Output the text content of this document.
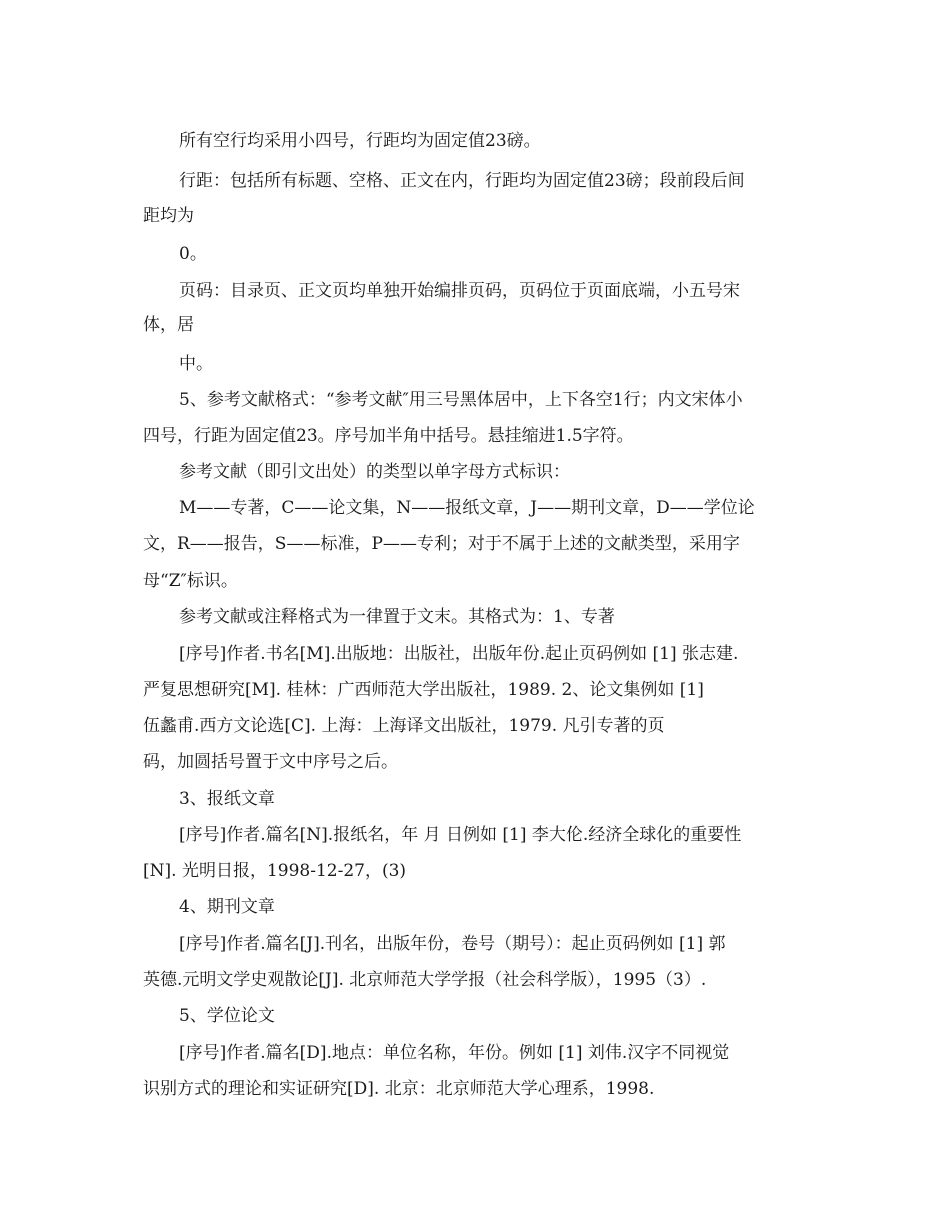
所有空行均采用小四号，行距均为固定值23磅。
行距：包括所有标题、空格、正文在内，行距均为固定值23磅；段前段后间
距均为
0。
页码：目录页、正文页均单独开始编排页码，页码位于页面底端，小五号宋
体，居
中。
5、参考文献格式：“参考文献″用三号黑体居中，上下各空1行；内文宋体小
四号，行距为固定值23。序号加半角中括号。悬挂缩进1.5字符。
参考文献（即引文出处）的类型以单字母方式标识：
M——专著，C——论文集，N——报纸文章，J——期刊文章，D——学位论
文，R——报告，S——标准，P——专利；对于不属于上述的文献类型，采用字
母“Z″标识。
参考文献或注释格式为一律置于文末。其格式为：1、专著
[序号]作者.书名[M].出版地：出版社，出版年份.起止页码例如 [1] 张志建.
严复思想研究[M]. 桂林：广西师范大学出版社，1989. 2、论文集例如 [1]
伍蠡甫.西方文论选[C]. 上海：上海译文出版社，1979. 凡引专著的页
码，加圆括号置于文中序号之后。
3、报纸文章
[序号]作者.篇名[N].报纸名，年 月 日例如 [1] 李大伦.经济全球化的重要性
[N]. 光明日报，1998-12-27，(3)
4、期刊文章
[序号]作者.篇名[J].刊名，出版年份，卷号（期号）：起止页码例如 [1] 郭
英德.元明文学史观散论[J]. 北京师范大学学报（社会科学版），1995（3）.
5、学位论文
[序号]作者.篇名[D].地点：单位名称，年份。例如 [1] 刘伟.汉字不同视觉
识别方式的理论和实证研究[D]. 北京：北京师范大学心理系，1998.
